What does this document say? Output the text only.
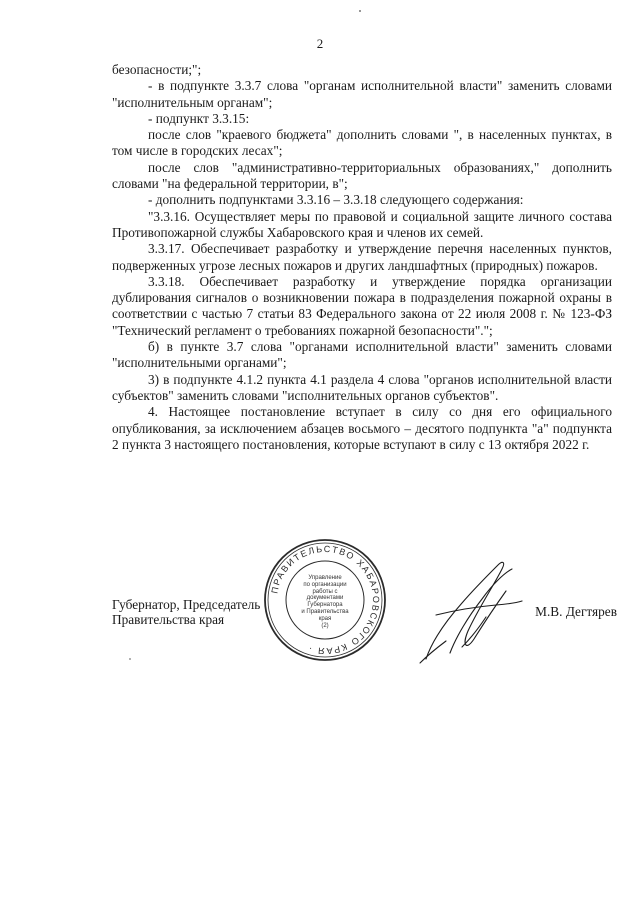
2

безопасности;";

- в подпункте 3.3.7 слова "органам исполнительной власти" заменить словами "исполнительным органам";

- подпункт 3.3.15:

после слов "краевого бюджета" дополнить словами ", в населенных пунктах, в том числе в городских лесах";

после слов "административно-территориальных образованиях," дополнить словами "на федеральной территории, в";

- дополнить подпунктами 3.3.16 – 3.3.18 следующего содержания:

"3.3.16. Осуществляет меры по правовой и социальной защите личного состава Противопожарной службы Хабаровского края и членов их семей.

3.3.17. Обеспечивает разработку и утверждение перечня населенных пунктов, подверженных угрозе лесных пожаров и других ландшафтных (природных) пожаров.

3.3.18. Обеспечивает разработку и утверждение порядка организации дублирования сигналов о возникновении пожара в подразделения пожарной охраны в соответствии с частью 7 статьи 83 Федерального закона от 22 июля 2008 г. № 123-ФЗ "Технический регламент о требованиях пожарной безопасности".";

б) в пункте 3.7 слова "органами исполнительной власти" заменить словами "исполнительными органами";

3) в подпункте 4.1.2 пункта 4.1 раздела 4 слова "органов исполнительной власти субъектов" заменить словами "исполнительных органов субъектов".

4. Настоящее постановление вступает в силу со дня его официального опубликования, за исключением абзацев восьмого – десятого подпункта "а" подпункта 2 пункта 3 настоящего постановления, которые вступают в силу с 13 октября 2022 г.

Губернатор, Председатель
Правительства края
М.В. Дегтярев
ПРАВИТЕЛЬСТВО ХАБАРОВСКОГО КРАЯ ·
Управление
по организации
работы с документами
Губернатора
и Правительства
края
(2)
